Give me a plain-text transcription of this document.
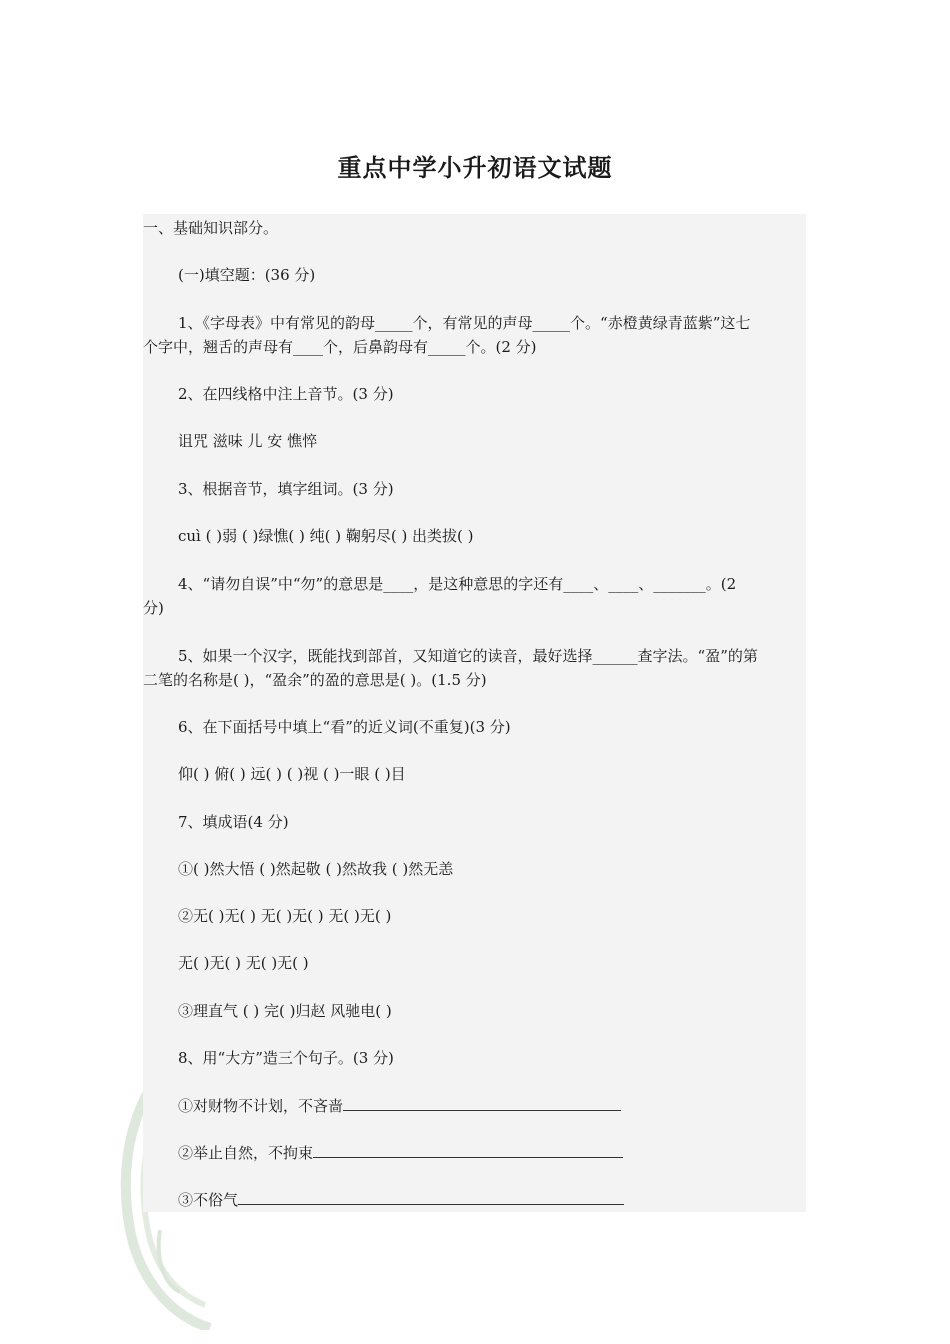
重点中学小升初语文试题
一、基础知识部分。
(一)填空题：(36 分)
1、《字母表》中有常见的韵母_____个，有常见的声母_____个。“赤橙黄绿青蓝紫”这七
个字中，翘舌的声母有____个，后鼻韵母有_____个。(2 分)
2、在四线格中注上音节。(3 分)
诅咒 滋味 儿 安 憔悴
3、根据音节，填字组词。(3 分)
cuì ( )弱 ( )绿憔( ) 纯( ) 鞠躬尽( ) 出类拔( )
4、“请勿自误”中“勿”的意思是____，是这种意思的字还有____、____、_______。(2
分)
5、如果一个汉字，既能找到部首，又知道它的读音，最好选择______查字法。“盈”的第
二笔的名称是( )，“盈余”的盈的意思是( )。(1.5 分)
6、在下面括号中填上“看”的近义词(不重复)(3 分)
仰( ) 俯( ) 远( ) ( )视 ( )一眼 ( )目
7、填成语(4 分)
①( )然大悟 ( )然起敬 ( )然故我 ( )然无恙
②无( )无( ) 无( )无( ) 无( )无( )
无( )无( ) 无( )无( )
③理直气 ( ) 完( )归赵 风驰电( )
8、用“大方”造三个句子。(3 分)
①对财物不计划，不吝啬
②举止自然，不拘束
③不俗气
